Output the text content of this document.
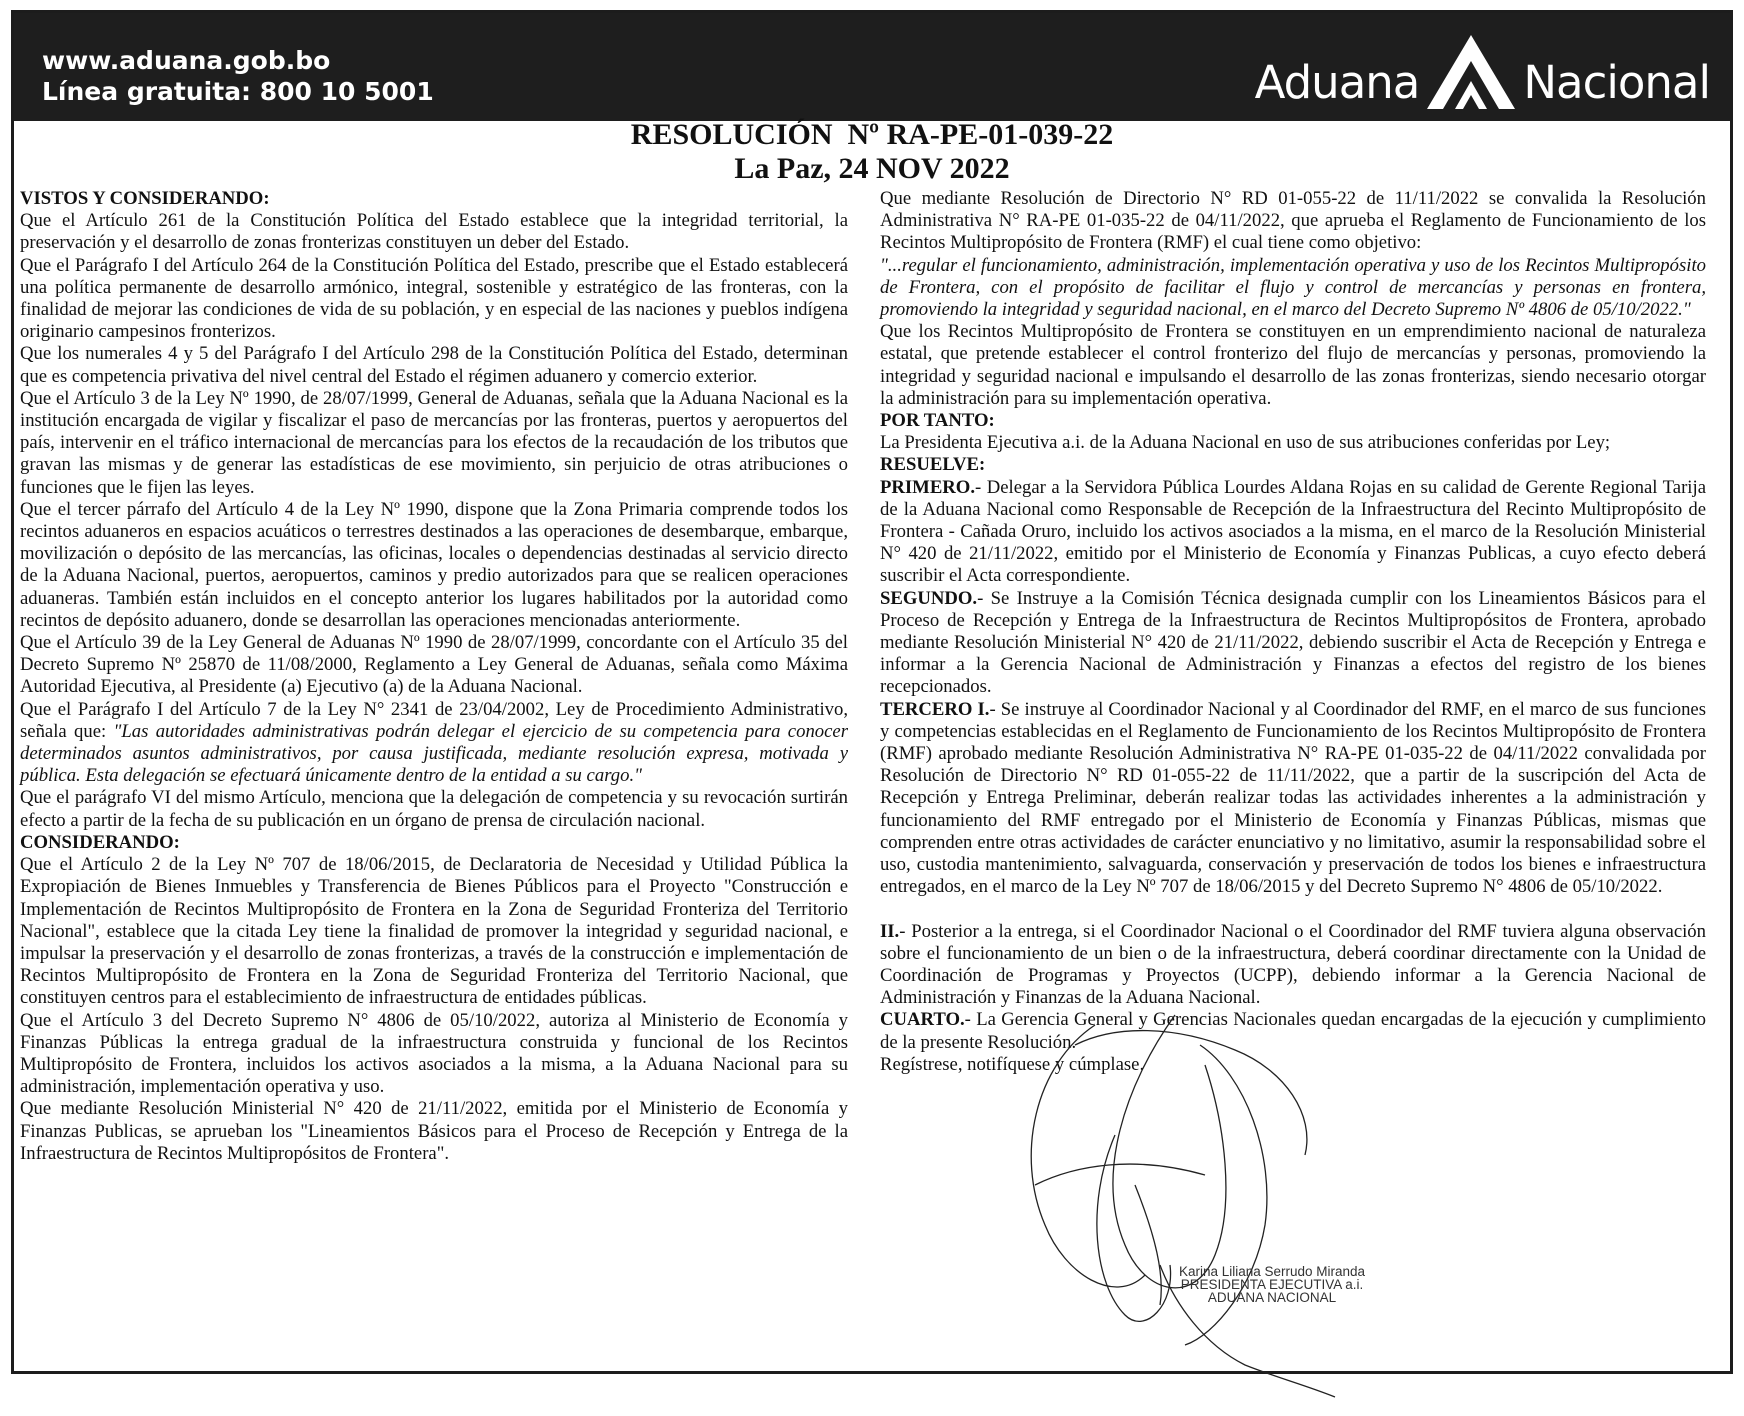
www.aduana.gob.bo
Línea gratuita: 800 10 5001	Aduana Nacional
RESOLUCIÓN  Nº RA-PE-01-039-22
La Paz, 24 NOV 2022

VISTOS Y CONSIDERANDO:

Que el Artículo 261 de la Constitución Política del Estado establece que la integridad territorial, la preservación y el desarrollo de zonas fronterizas constituyen un deber del Estado.

Que el Parágrafo I del Artículo 264 de la Constitución Política del Estado, prescribe que el Estado establecerá una política permanente de desarrollo armónico, integral, sostenible y estratégico de las fronteras, con la finalidad de mejorar las condiciones de vida de su población, y en especial de las naciones y pueblos indígena originario campesinos fronterizos.

Que los numerales 4 y 5 del Parágrafo I del Artículo 298 de la Constitución Política del Estado, determinan que es competencia privativa del nivel central del Estado el régimen aduanero y comercio exterior.

Que el Artículo 3 de la Ley Nº 1990, de 28/07/1999, General de Aduanas, señala que la Aduana Nacional es la institución encargada de vigilar y fiscalizar el paso de mercancías por las fronteras, puertos y aeropuertos del país, intervenir en el tráfico internacional de mercancías para los efectos de la recaudación de los tributos que gravan las mismas y de generar las estadísticas de ese movimiento, sin perjuicio de otras atribuciones o funciones que le fijen las leyes.

Que el tercer párrafo del Artículo 4 de la Ley Nº 1990, dispone que la Zona Primaria comprende todos los recintos aduaneros en espacios acuáticos o terrestres destinados a las operaciones de desembarque, embarque, movilización o depósito de las mercancías, las oficinas, locales o dependencias destinadas al servicio directo de la Aduana Nacional, puertos, aeropuertos, caminos y predio autorizados para que se realicen operaciones aduaneras. También están incluidos en el concepto anterior los lugares habilitados por la autoridad como recintos de depósito aduanero, donde se desarrollan las operaciones mencionadas anteriormente.

Que el Artículo 39 de la Ley General de Aduanas Nº 1990 de 28/07/1999, concordante con el Artículo 35 del Decreto Supremo Nº 25870 de 11/08/2000, Reglamento a Ley General de Aduanas, señala como Máxima Autoridad Ejecutiva, al Presidente (a) Ejecutivo (a) de la Aduana Nacional.

Que el Parágrafo I del Artículo 7 de la Ley N° 2341 de 23/04/2002, Ley de Procedimiento Administrativo, señala que: "Las autoridades administrativas podrán delegar el ejercicio de su competencia para conocer determinados asuntos administrativos, por causa justificada, mediante resolución expresa, motivada y pública. Esta delegación se efectuará únicamente dentro de la entidad a su cargo."

Que el parágrafo VI del mismo Artículo, menciona que la delegación de competencia y su revocación surtirán efecto a partir de la fecha de su publicación en un órgano de prensa de circulación nacional.

CONSIDERANDO:

Que el Artículo 2 de la Ley Nº 707 de 18/06/2015, de Declaratoria de Necesidad y Utilidad Pública la Expropiación de Bienes Inmuebles y Transferencia de Bienes Públicos para el Proyecto "Construcción e Implementación de Recintos Multipropósito de Frontera en la Zona de Seguridad Fronteriza del Territorio Nacional", establece que la citada Ley tiene la finalidad de promover la integridad y seguridad nacional, e impulsar la preservación y el desarrollo de zonas fronterizas, a través de la construcción e implementación de Recintos Multipropósito de Frontera en la Zona de Seguridad Fronteriza del Territorio Nacional, que constituyen centros para el establecimiento de infraestructura de entidades públicas.

Que el Artículo 3 del Decreto Supremo N° 4806 de 05/10/2022, autoriza al Ministerio de Economía y Finanzas Públicas la entrega gradual de la infraestructura construida y funcional de los Recintos Multipropósito de Frontera, incluidos los activos asociados a la misma, a la Aduana Nacional para su administración, implementación operativa y uso.

Que mediante Resolución Ministerial N° 420 de 21/11/2022, emitida por el Ministerio de Economía y Finanzas Publicas, se aprueban los "Lineamientos Básicos para el Proceso de Recepción y Entrega de la Infraestructura de Recintos Multipropósitos de Frontera".

Que mediante Resolución de Directorio N° RD 01-055-22 de 11/11/2022 se convalida la Resolución Administrativa N° RA-PE 01-035-22 de 04/11/2022, que aprueba el Reglamento de Funcionamiento de los Recintos Multipropósito de Frontera (RMF) el cual tiene como objetivo:

"...regular el funcionamiento, administración, implementación operativa y uso de los Recintos Multipropósito de Frontera, con el propósito de facilitar el flujo y control de mercancías y personas en frontera, promoviendo la integridad y seguridad nacional, en el marco del Decreto Supremo Nº 4806 de 05/10/2022."

Que los Recintos Multipropósito de Frontera se constituyen en un emprendimiento nacional de naturaleza estatal, que pretende establecer el control fronterizo del flujo de mercancías y personas, promoviendo la integridad y seguridad nacional e impulsando el desarrollo de las zonas fronterizas, siendo necesario otorgar la administración para su implementación operativa.

POR TANTO:

La Presidenta Ejecutiva a.i. de la Aduana Nacional en uso de sus atribuciones conferidas por Ley;

RESUELVE:

PRIMERO.- Delegar a la Servidora Pública Lourdes Aldana Rojas en su calidad de Gerente Regional Tarija de la Aduana Nacional como Responsable de Recepción de la Infraestructura del Recinto Multipropósito de Frontera - Cañada Oruro, incluido los activos asociados a la misma, en el marco de la Resolución Ministerial N° 420 de 21/11/2022, emitido por el Ministerio de Economía y Finanzas Publicas, a cuyo efecto deberá suscribir el Acta correspondiente.

SEGUNDO.- Se Instruye a la Comisión Técnica designada cumplir con los Lineamientos Básicos para el Proceso de Recepción y Entrega de la Infraestructura de Recintos Multipropósitos de Frontera, aprobado mediante Resolución Ministerial N° 420 de 21/11/2022, debiendo suscribir el Acta de Recepción y Entrega e informar a la Gerencia Nacional de Administración y Finanzas a efectos del registro de los bienes recepcionados.

TERCERO I.- Se instruye al Coordinador Nacional y al Coordinador del RMF, en el marco de sus funciones y competencias establecidas en el Reglamento de Funcionamiento de los Recintos Multipropósito de Frontera (RMF) aprobado mediante Resolución Administrativa N° RA-PE 01-035-22 de 04/11/2022 convalidada por Resolución de Directorio N° RD 01-055-22 de 11/11/2022, que a partir de la suscripción del Acta de Recepción y Entrega Preliminar, deberán realizar todas las actividades inherentes a la administración y funcionamiento del RMF entregado por el Ministerio de Economía y Finanzas Públicas, mismas que comprenden entre otras actividades de carácter enunciativo y no limitativo, asumir la responsabilidad sobre el uso, custodia mantenimiento, salvaguarda, conservación y preservación de todos los bienes e infraestructura entregados, en el marco de la Ley Nº 707 de 18/06/2015 y del Decreto Supremo N° 4806 de 05/10/2022.

II.- Posterior a la entrega, si el Coordinador Nacional o el Coordinador del RMF tuviera alguna observación sobre el funcionamiento de un bien o de la infraestructura, deberá coordinar directamente con la Unidad de Coordinación de Programas y Proyectos (UCPP), debiendo informar a la Gerencia Nacional de Administración y Finanzas de la Aduana Nacional.

CUARTO.- La Gerencia General y Gerencias Nacionales quedan encargadas de la ejecución y cumplimiento de la presente Resolución.

Regístrese, notifíquese y cúmplase.

Karina Liliana Serrudo Miranda
PRESIDENTA EJECUTIVA a.i.
ADUANA NACIONAL
